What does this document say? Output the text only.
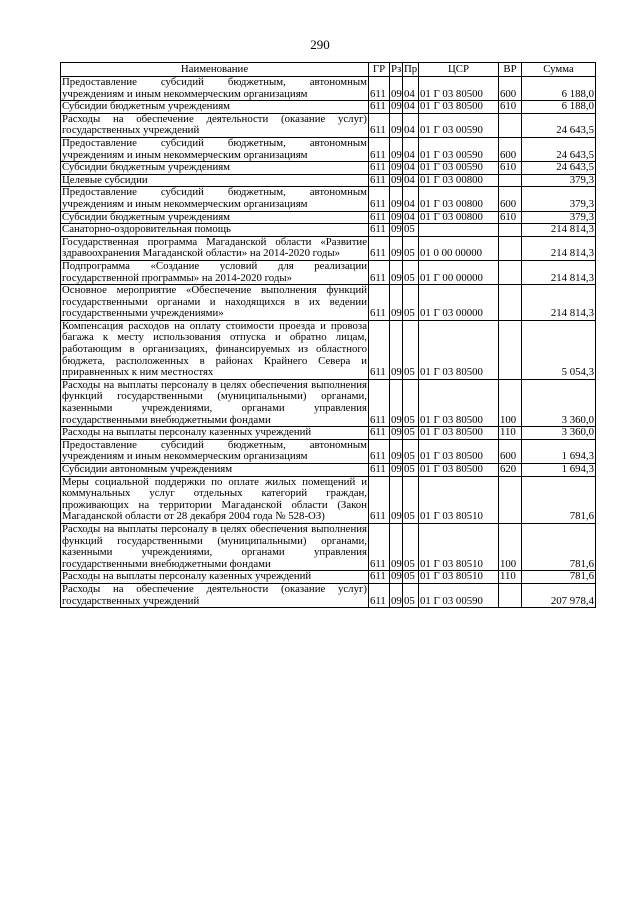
290
Наименование	ГР	Рз	Пр	ЦСР	ВР	Сумма
Предоставление субсидий бюджетным, автономным учреждениям и иным некоммерческим организациям	611	09	04	01 Г 03 80500	600	6 188,0
Субсидии бюджетным учреждениям	611	09	04	01 Г 03 80500	610	6 188,0
Расходы на обеспечение деятельности (оказание услуг) государственных учреждений	611	09	04	01 Г 03 00590		24 643,5
Предоставление субсидий бюджетным, автономным учреждениям и иным некоммерческим организациям	611	09	04	01 Г 03 00590	600	24 643,5
Субсидии бюджетным учреждениям	611	09	04	01 Г 03 00590	610	24 643,5
Целевые субсидии	611	09	04	01 Г 03 00800		379,3
Предоставление субсидий бюджетным, автономным учреждениям и иным некоммерческим организациям	611	09	04	01 Г 03 00800	600	379,3
Субсидии бюджетным учреждениям	611	09	04	01 Г 03 00800	610	379,3
Санаторно-оздоровительная помощь	611	09	05			214 814,3
Государственная программа Магаданской области «Развитие здравоохранения Магаданской области» на 2014-2020 годы»	611	09	05	01 0 00 00000		214 814,3
Подпрограмма «Создание условий для реализации государственной программы» на 2014-2020 годы»	611	09	05	01 Г 00 00000		214 814,3
Основное мероприятие «Обеспечение выполнения функций государственными органами и находящихся в их ведении государственными учреждениями»	611	09	05	01 Г 03 00000		214 814,3
Компенсация расходов на оплату стоимости проезда и провоза багажа к месту использования отпуска и обратно лицам, работающим в организациях, финансируемых из областного бюджета, расположенных в районах Крайнего Севера и приравненных к ним местностях	611	09	05	01 Г 03 80500		5 054,3
Расходы на выплаты персоналу в целях обеспечения выполнения функций государственными (муниципальными) органами, казенными учреждениями, органами управления государственными внебюджетными фондами	611	09	05	01 Г 03 80500	100	3 360,0
Расходы на выплаты персоналу казенных учреждений	611	09	05	01 Г 03 80500	110	3 360,0
Предоставление субсидий бюджетным, автономным учреждениям и иным некоммерческим организациям	611	09	05	01 Г 03 80500	600	1 694,3
Субсидии автономным учреждениям	611	09	05	01 Г 03 80500	620	1 694,3
Меры социальной поддержки по оплате жилых помещений и коммунальных услуг отдельных категорий граждан, проживающих на территории Магаданской области (Закон Магаданской области от 28 декабря 2004 года № 528-ОЗ)	611	09	05	01 Г 03 80510		781,6
Расходы на выплаты персоналу в целях обеспечения выполнения функций государственными (муниципальными) органами, казенными учреждениями, органами управления государственными внебюджетными фондами	611	09	05	01 Г 03 80510	100	781,6
Расходы на выплаты персоналу казенных учреждений	611	09	05	01 Г 03 80510	110	781,6
Расходы на обеспечение деятельности (оказание услуг) государственных учреждений	611	09	05	01 Г 03 00590		207 978,4
